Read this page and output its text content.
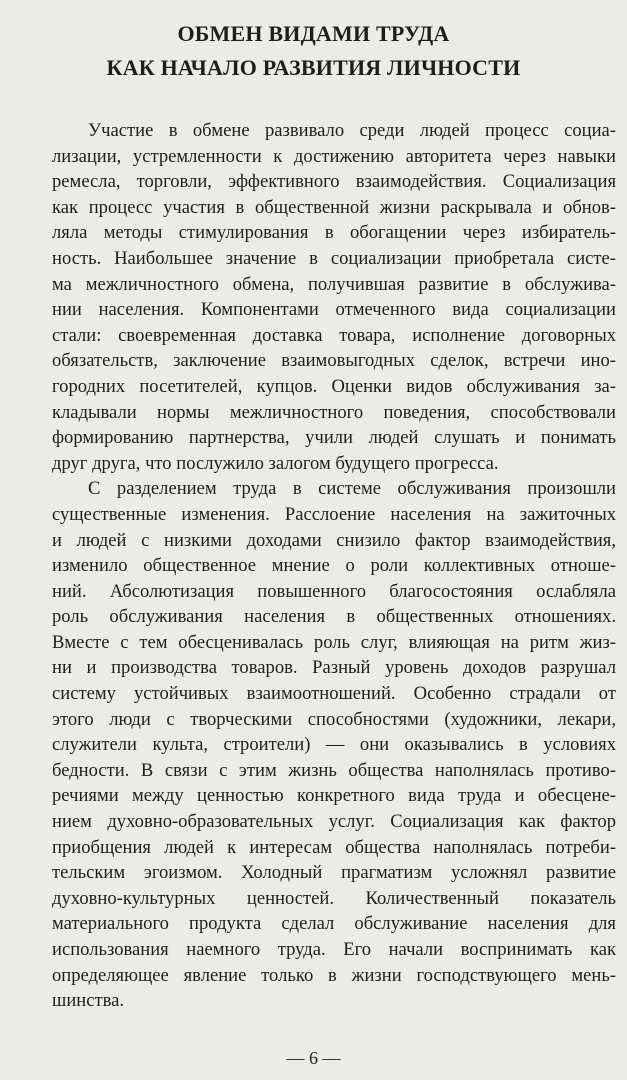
ОБМЕН ВИДАМИ ТРУДА
КАК НАЧАЛО РАЗВИТИЯ ЛИЧНОСТИ
Участие в обмене развивало среди людей процесс социа-
лизации, устремленности к достижению авторитета через навыки
ремесла, торговли, эффективного взаимодействия. Социализация
как процесс участия в общественной жизни раскрывала и обнов-
ляла методы стимулирования в обогащении через избиратель-
ность. Наибольшее значение в социализации приобретала систе-
ма межличностного обмена, получившая развитие в обслужива-
нии населения. Компонентами отмеченного вида социализации
стали: своевременная доставка товара, исполнение договорных
обязательств, заключение взаимовыгодных сделок, встречи ино-
городних посетителей, купцов. Оценки видов обслуживания за-
кладывали нормы межличностного поведения, способствовали
формированию партнерства, учили людей слушать и понимать
друг друга, что послужило залогом будущего прогресса.
С разделением труда в системе обслуживания произошли
существенные изменения. Расслоение населения на зажиточных
и людей с низкими доходами снизило фактор взаимодействия,
изменило общественное мнение о роли коллективных отноше-
ний. Абсолютизация повышенного благосостояния ослабляла
роль обслуживания населения в общественных отношениях.
Вместе с тем обесценивалась роль слуг, влияющая на ритм жиз-
ни и производства товаров. Разный уровень доходов разрушал
систему устойчивых взаимоотношений. Особенно страдали от
этого люди с творческими способностями (художники, лекари,
служители культа, строители) — они оказывались в условиях
бедности. В связи с этим жизнь общества наполнялась противо-
речиями между ценностью конкретного вида труда и обесцене-
нием духовно-образовательных услуг. Социализация как фактор
приобщения людей к интересам общества наполнялась потреби-
тельским эгоизмом. Холодный прагматизм усложнял развитие
духовно-культурных ценностей. Количественный показатель
материального продукта сделал обслуживание населения для
использования наемного труда. Его начали воспринимать как
определяющее явление только в жизни господствующего мень-
шинства.
— 6 —
